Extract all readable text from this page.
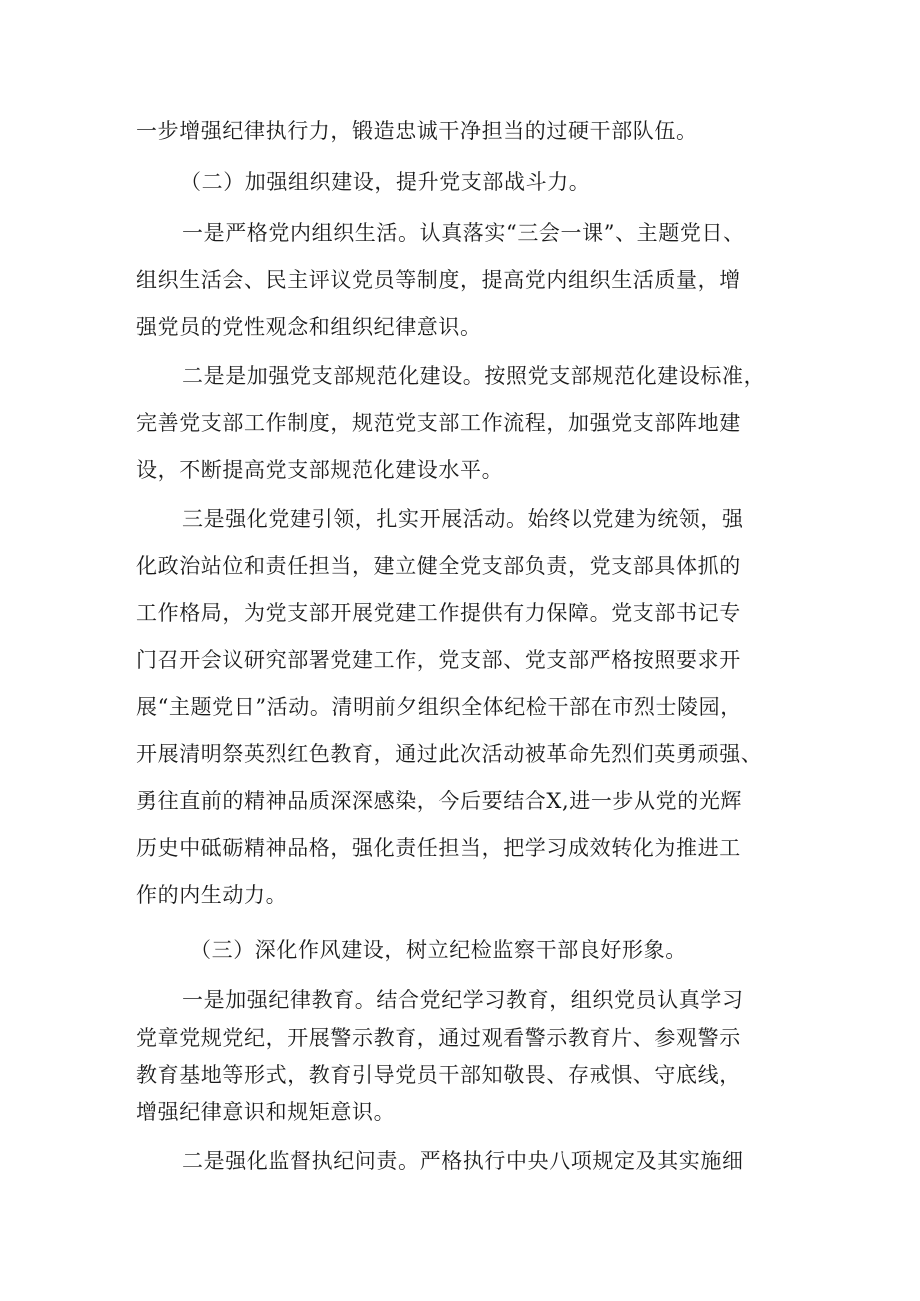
一步增强纪律执行力，锻造忠诚干净担当的过硬干部队伍。
（二）加强组织建设，提升党支部战斗力。
一是严格党内组织生活。认真落实“三会一课”、主题党日、
组织生活会、民主评议党员等制度，提高党内组织生活质量，增
强党员的党性观念和组织纪律意识。
二是是加强党支部规范化建设。按照党支部规范化建设标准，
完善党支部工作制度，规范党支部工作流程，加强党支部阵地建
设，不断提高党支部规范化建设水平。
三是强化党建引领，扎实开展活动。始终以党建为统领，强
化政治站位和责任担当，建立健全党支部负责，党支部具体抓的
工作格局，为党支部开展党建工作提供有力保障。党支部书记专
门召开会议研究部署党建工作，党支部、党支部严格按照要求开
展“主题党日”活动。清明前夕组织全体纪检干部在市烈士陵园，
开展清明祭英烈红色教育，通过此次活动被革命先烈们英勇顽强、
勇往直前的精神品质深深感染，今后要结合X,进一步从党的光辉
历史中砥砺精神品格，强化责任担当，把学习成效转化为推进工
作的内生动力。
（三）深化作风建设，树立纪检监察干部良好形象。
一是加强纪律教育。结合党纪学习教育，组织党员认真学习
党章党规党纪，开展警示教育，通过观看警示教育片、参观警示
教育基地等形式，教育引导党员干部知敬畏、存戒惧、守底线，
增强纪律意识和规矩意识。
二是强化监督执纪问责。严格执行中央八项规定及其实施细
